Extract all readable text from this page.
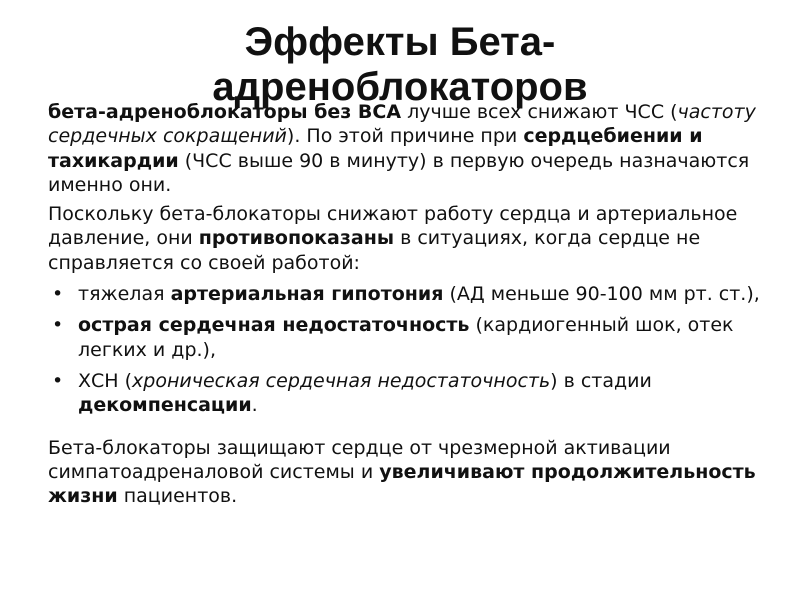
Эффекты Бета-
адреноблокаторов

бета-адреноблокаторы без ВСА лучше всех снижают ЧСС (частоту сердечных сокращений). По этой причине при сердцебиении и тахикардии (ЧСС выше 90 в минуту) в первую очередь назначаются именно они.

Поскольку бета-блокаторы снижают работу сердца и артериальное давление, они противопоказаны в ситуациях, когда сердце не справляется со своей работой:

• тяжелая артериальная гипотония (АД меньше 90-100 мм рт. ст.),
• острая сердечная недостаточность (кардиогенный шок, отек легких и др.),
• ХСН (хроническая сердечная недостаточность) в стадии декомпенсации.

Бета-блокаторы защищают сердце от чрезмерной активации симпатоадреналовой системы и увеличивают продолжительность жизни пациентов.
